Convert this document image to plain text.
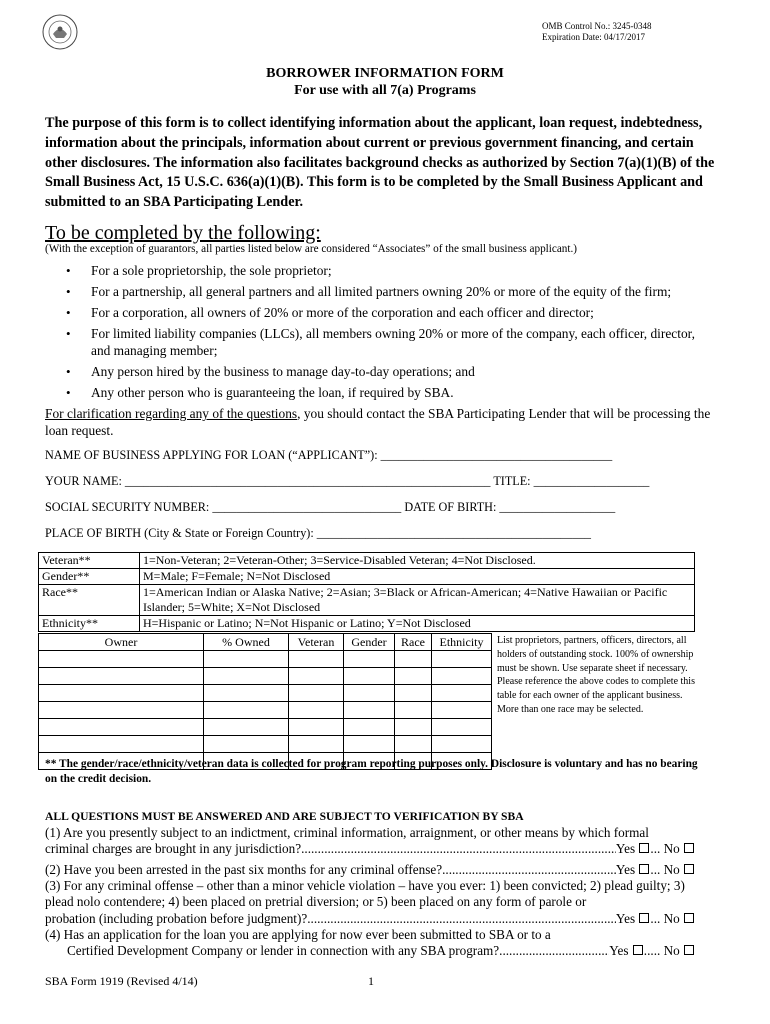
OMB Control No.: 3245-0348
Expiration Date: 04/17/2017
BORROWER INFORMATION FORM
For use with all 7(a) Programs
The purpose of this form is to collect identifying information about the applicant, loan request, indebtedness, information about the principals, information about current or previous government financing, and certain other disclosures. The information also facilitates background checks as authorized by Section 7(a)(1)(B) of the Small Business Act, 15 U.S.C. 636(a)(1)(B). This form is to be completed by the Small Business Applicant and submitted to an SBA Participating Lender.
To be completed by the following:
(With the exception of guarantors, all parties listed below are considered “Associates” of the small business applicant.)
• For a sole proprietorship, the sole proprietor;
• For a partnership, all general partners and all limited partners owning 20% or more of the equity of the firm;
• For a corporation, all owners of 20% or more of the corporation and each officer and director;
• For limited liability companies (LLCs), all members owning 20% or more of the company, each officer, director, and managing member;
• Any person hired by the business to manage day-to-day operations; and
• Any other person who is guaranteeing the loan, if required by SBA.
For clarification regarding any of the questions, you should contact the SBA Participating Lender that will be processing the loan request.
NAME OF BUSINESS APPLYING FOR LOAN (“APPLICANT”): ______________________________________
YOUR NAME: ____________________________________________________________ TITLE: ___________________
SOCIAL SECURITY NUMBER: _______________________________ DATE OF BIRTH: ___________________
PLACE OF BIRTH (City & State or Foreign Country): _____________________________________________
Veteran**	1=Non-Veteran; 2=Veteran-Other; 3=Service-Disabled Veteran; 4=Not Disclosed.
Gender**	M=Male; F=Female; N=Not Disclosed
Race**	1=American Indian or Alaska Native; 2=Asian; 3=Black or African-American; 4=Native Hawaiian or Pacific Islander; 5=White; X=Not Disclosed
Ethnicity**	H=Hispanic or Latino; N=Not Hispanic or Latino; Y=Not Disclosed
Owner	% Owned	Veteran	Gender	Race	Ethnicity

					List proprietors, partners, officers, directors, all holders of outstanding stock. 100% of ownership must be shown. Use separate sheet if necessary. Please reference the above codes to complete this table for each owner of the applicant business. More than one race may be selected.
** The gender/race/ethnicity/veteran data is collected for program reporting purposes only. Disclosure is voluntary and has no bearing on the credit decision.
ALL QUESTIONS MUST BE ANSWERED AND ARE SUBJECT TO VERIFICATION BY SBA
(1) Are you presently subject to an indictment, criminal information, arraignment, or other means by which formal
criminal charges are brought in any jurisdiction? .....	Yes ... No
(2) Have you been arrested in the past six months for any criminal offense? .....	Yes ... No
(3) For any criminal offense – other than a minor vehicle violation – have you ever: 1) been convicted; 2) plead guilty; 3) plead nolo contendere; 4) been placed on pretrial diversion; or 5) been placed on any form of parole or
probation (including probation before judgment)? .....	Yes ... No
(4) Has an application for the loan you are applying for now ever been submitted to SBA or to a
Certified Development Company or lender in connection with any SBA program? .....	Yes ..... No
SBA Form 1919 (Revised 4/14)	1
